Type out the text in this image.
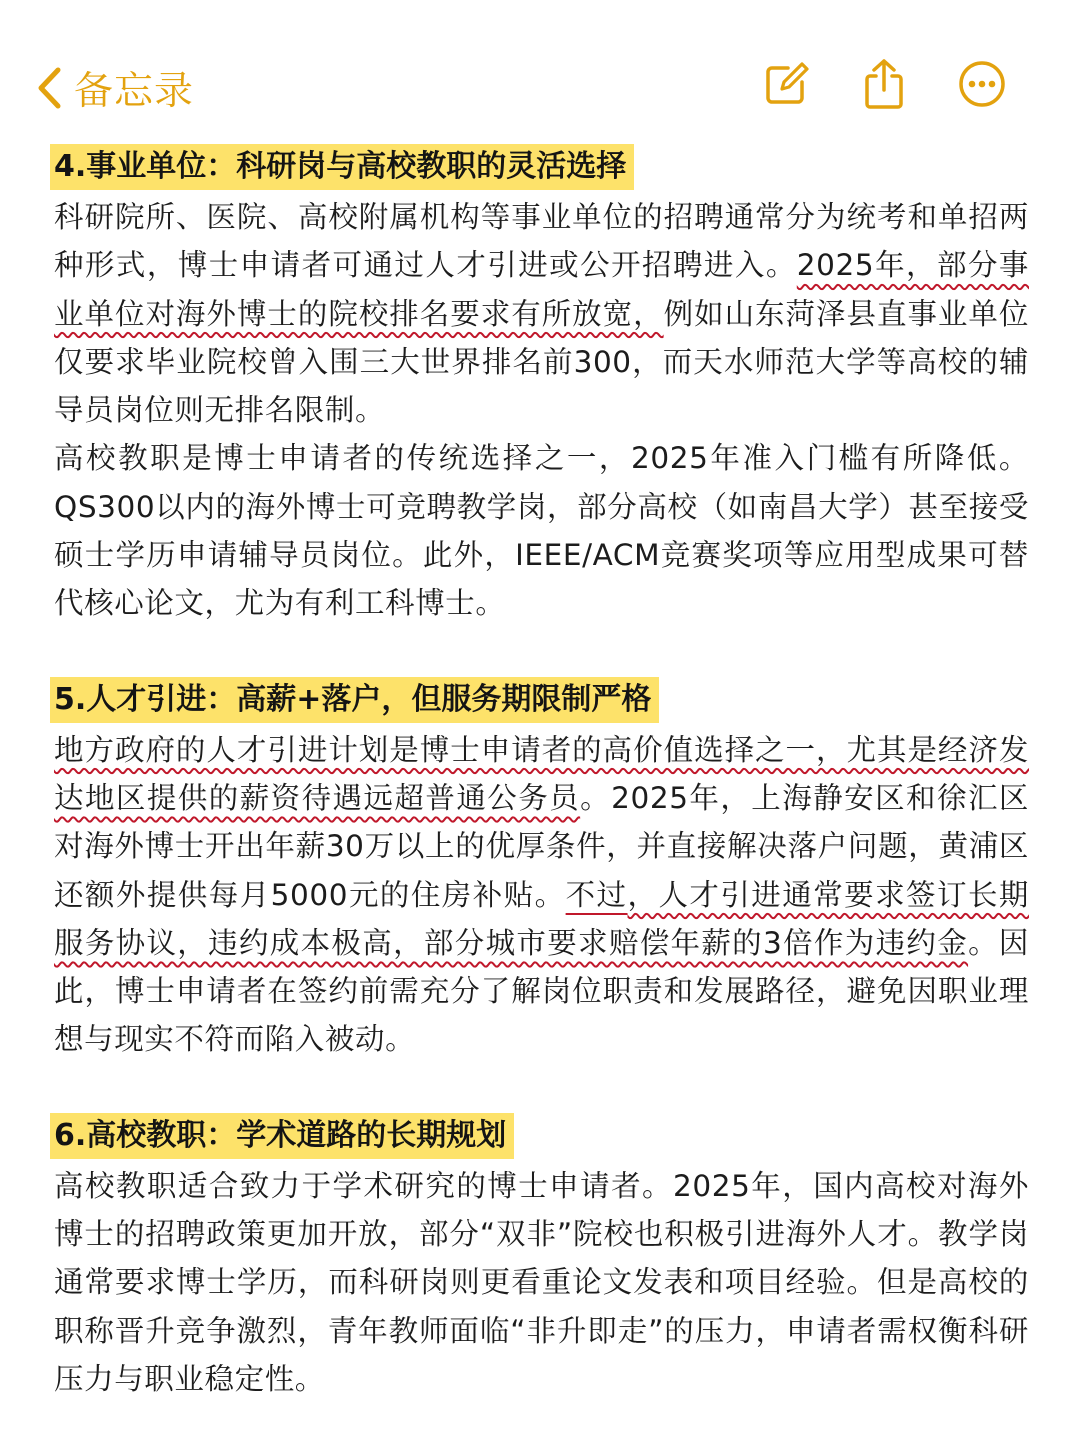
备忘录
4.事业单位：科研岗与高校教职的灵活选择

科研院所、医院、高校附属机构等事业单位的招聘通常分为统考和单招两种形式，博士申请者可通过人才引进或公开招聘进入。2025年，部分事业单位对海外博士的院校排名要求有所放宽，例如山东菏泽县直事业单位仅要求毕业院校曾入围三大世界排名前300，而天水师范大学等高校的辅导员岗位则无排名限制。

高校教职是博士申请者的传统选择之一，2025年准入门槛有所降低。QS300以内的海外博士可竞聘教学岗，部分高校（如南昌大学）甚至接受硕士学历申请辅导员岗位。此外，IEEE/ACM竞赛奖项等应用型成果可替代核心论文，尤为有利工科博士。

5.人才引进：高薪+落户，但服务期限制严格

地方政府的人才引进计划是博士申请者的高价值选择之一，尤其是经济发达地区提供的薪资待遇远超普通公务员。2025年，上海静安区和徐汇区对海外博士开出年薪30万以上的优厚条件，并直接解决落户问题，黄浦区还额外提供每月5000元的住房补贴。不过，人才引进通常要求签订长期服务协议，违约成本极高，部分城市要求赔偿年薪的3倍作为违约金。因此，博士申请者在签约前需充分了解岗位职责和发展路径，避免因职业理想与现实不符而陷入被动。

6.高校教职：学术道路的长期规划

高校教职适合致力于学术研究的博士申请者。2025年，国内高校对海外博士的招聘政策更加开放，部分“双非”院校也积极引进海外人才。教学岗通常要求博士学历，而科研岗则更看重论文发表和项目经验。但是高校的职称晋升竞争激烈，青年教师面临“非升即走”的压力，申请者需权衡科研压力与职业稳定性。
